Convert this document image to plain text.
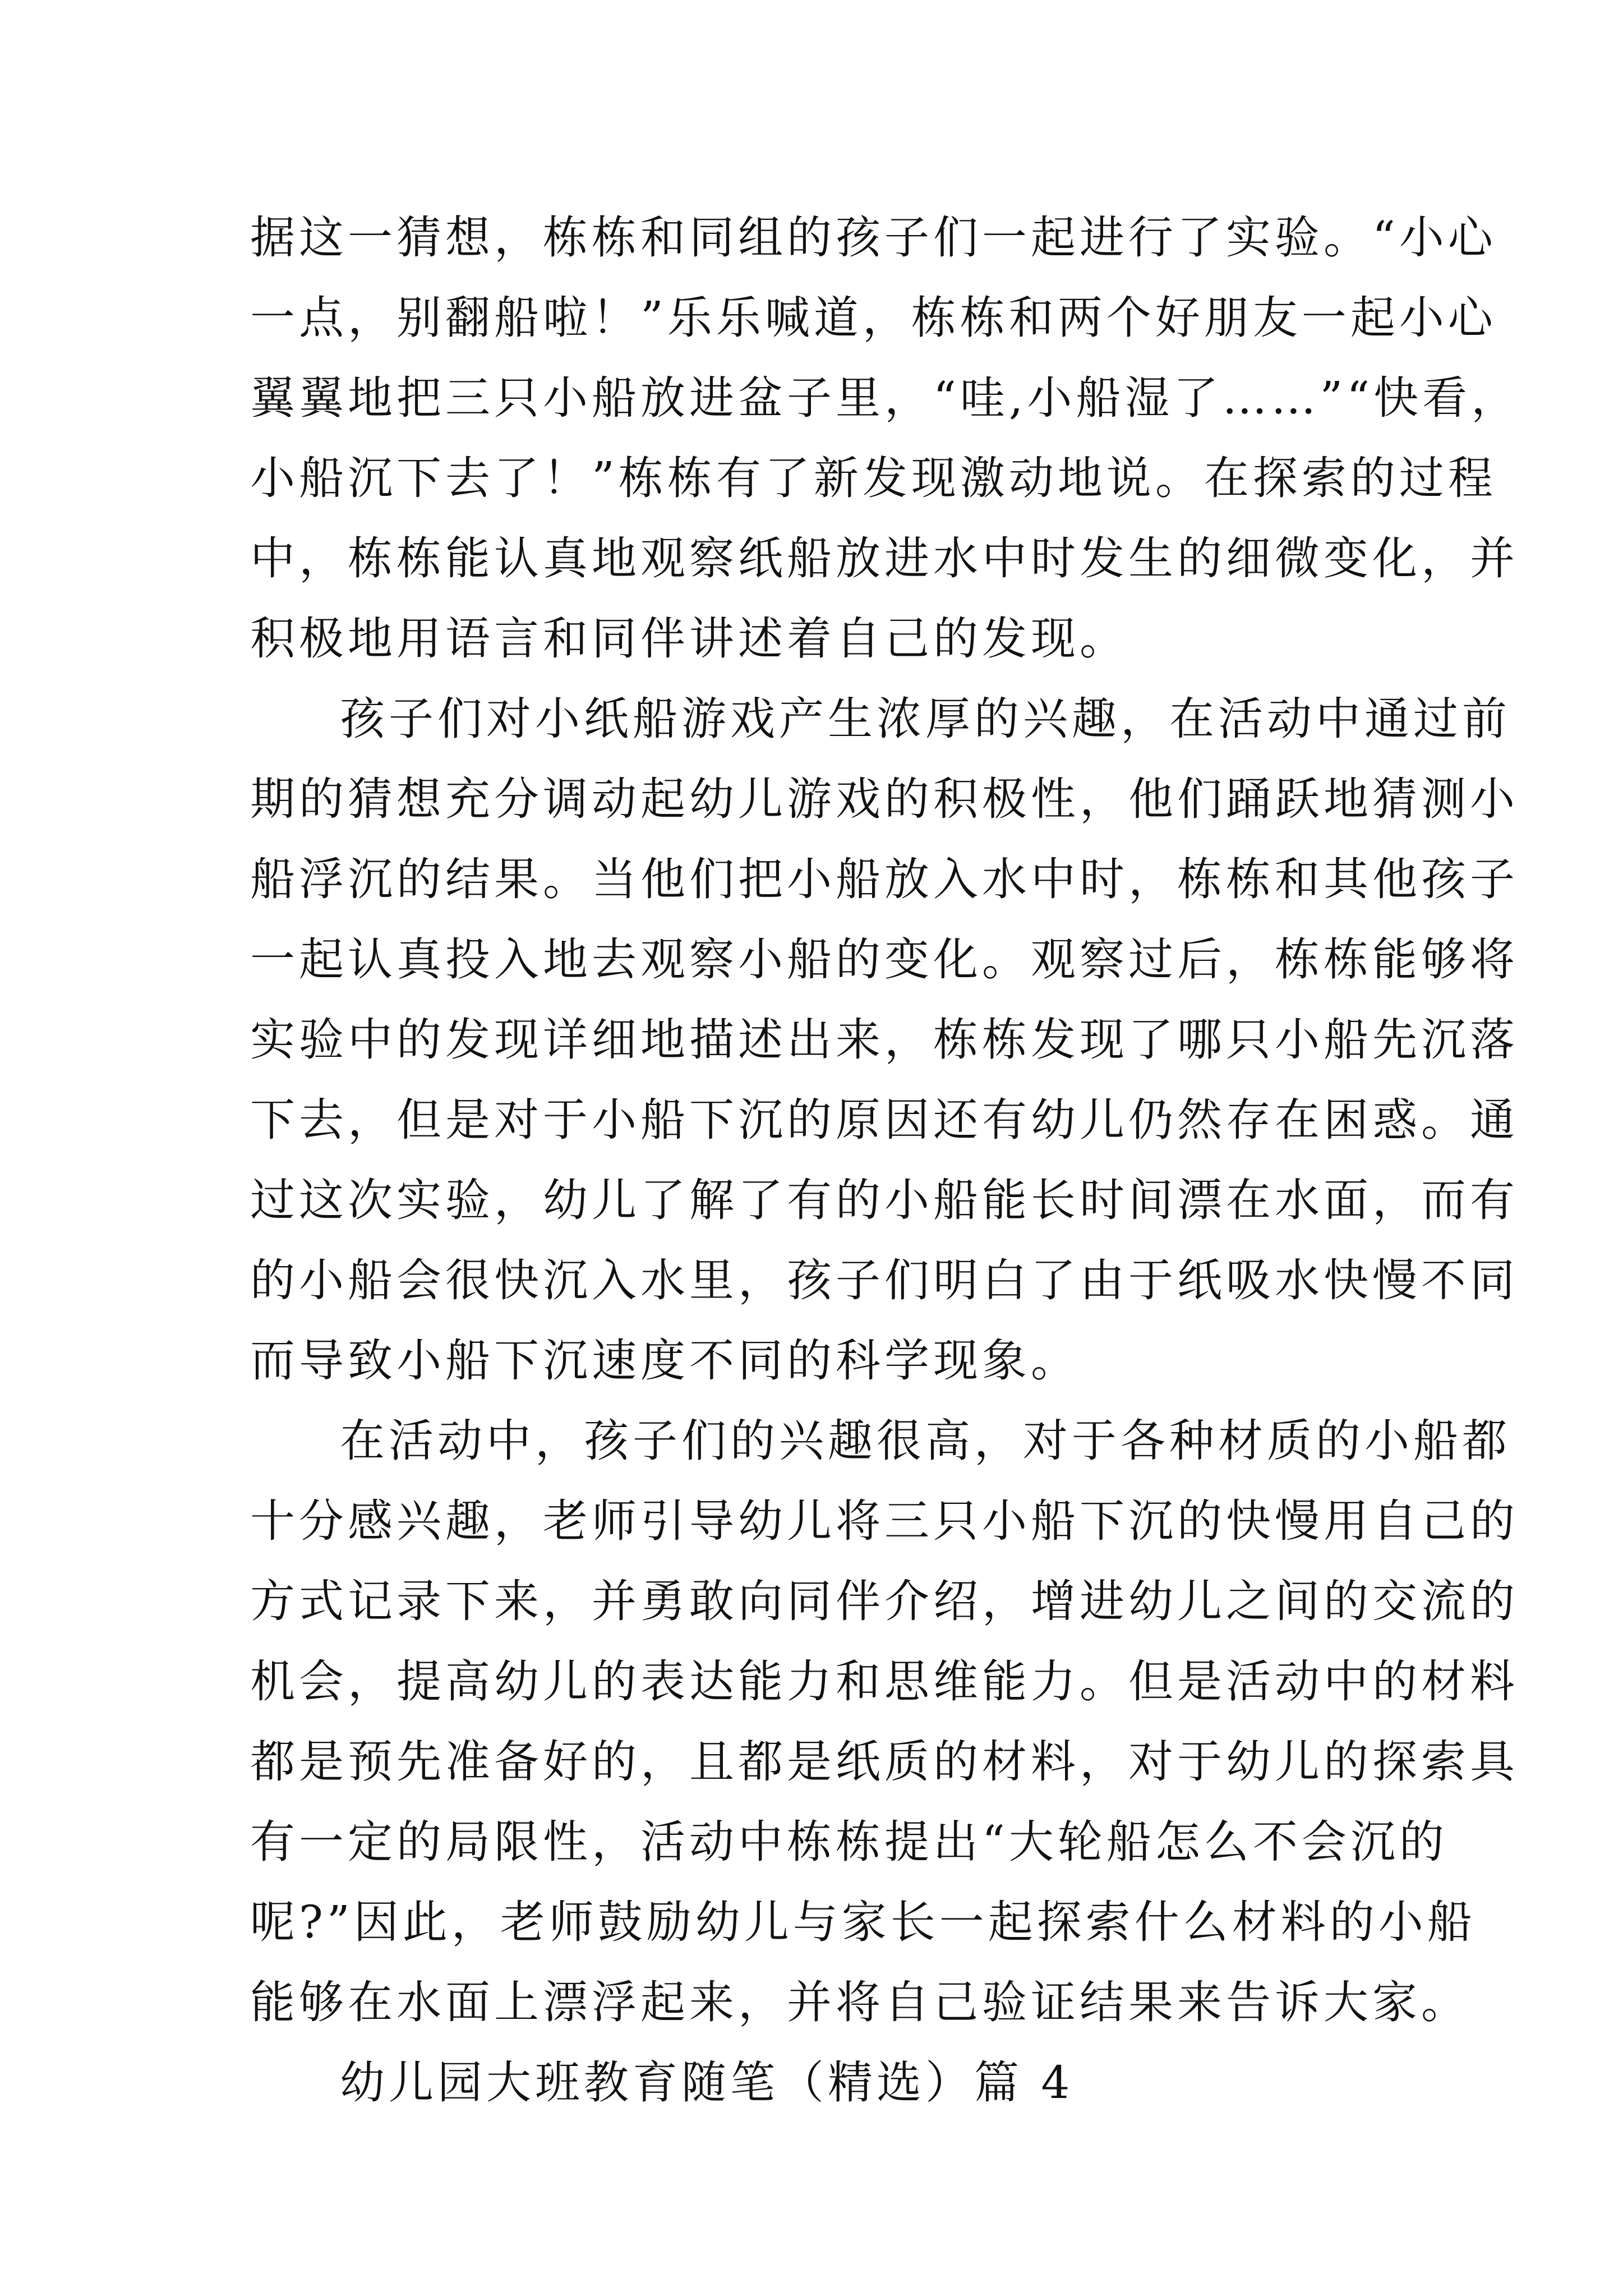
据这一猜想，栋栋和同组的孩子们一起进行了实验。“小心
一点，别翻船啦！”乐乐喊道，栋栋和两个好朋友一起小心
翼翼地把三只小船放进盆子里，“哇,小船湿了……”“快看，
小船沉下去了！”栋栋有了新发现激动地说。在探索的过程
中，栋栋能认真地观察纸船放进水中时发生的细微变化，并
积极地用语言和同伴讲述着自己的发现。
孩子们对小纸船游戏产生浓厚的兴趣，在活动中通过前
期的猜想充分调动起幼儿游戏的积极性，他们踊跃地猜测小
船浮沉的结果。当他们把小船放入水中时，栋栋和其他孩子
一起认真投入地去观察小船的变化。观察过后，栋栋能够将
实验中的发现详细地描述出来，栋栋发现了哪只小船先沉落
下去，但是对于小船下沉的原因还有幼儿仍然存在困惑。通
过这次实验，幼儿了解了有的小船能长时间漂在水面，而有
的小船会很快沉入水里，孩子们明白了由于纸吸水快慢不同
而导致小船下沉速度不同的科学现象。
在活动中，孩子们的兴趣很高，对于各种材质的小船都
十分感兴趣，老师引导幼儿将三只小船下沉的快慢用自己的
方式记录下来，并勇敢向同伴介绍，增进幼儿之间的交流的
机会，提高幼儿的表达能力和思维能力。但是活动中的材料
都是预先准备好的，且都是纸质的材料，对于幼儿的探索具
有一定的局限性，活动中栋栋提出“大轮船怎么不会沉的
呢?”因此，老师鼓励幼儿与家长一起探索什么材料的小船
能够在水面上漂浮起来，并将自己验证结果来告诉大家。
幼儿园大班教育随笔（精选）篇 4
